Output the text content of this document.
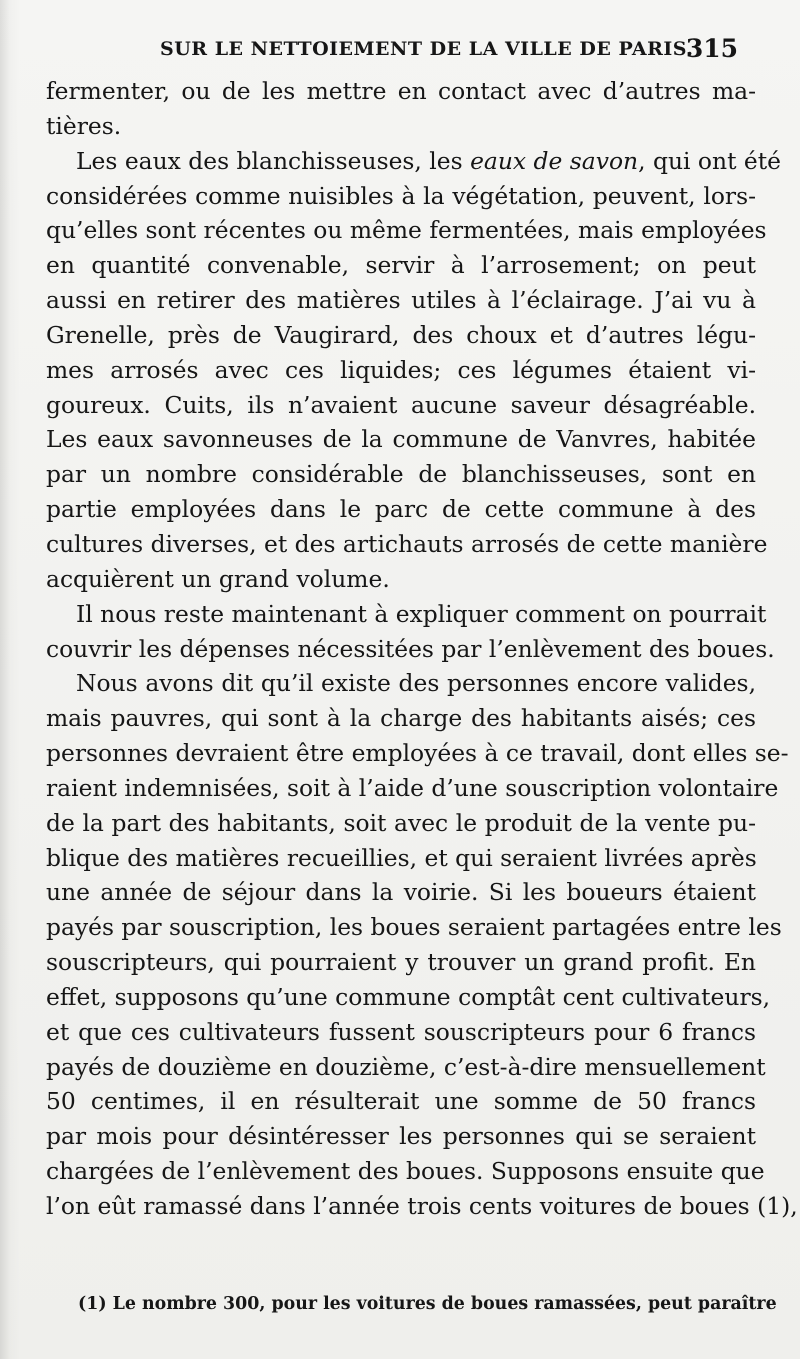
SUR LE NETTOIEMENT DE LA VILLE DE PARIS.
315
fermenter, ou de les mettre en contact avec d’autres ma-
tières.
Les eaux des blanchisseuses, les eaux de savon, qui ont été
considérées comme nuisibles à la végétation, peuvent, lors-
qu’elles sont récentes ou même fermentées, mais employées
en quantité convenable, servir à l’arrosement; on peut
aussi en retirer des matières utiles à l’éclairage. J’ai vu à
Grenelle, près de Vaugirard, des choux et d’autres légu-
mes arrosés avec ces liquides; ces légumes étaient vi-
goureux. Cuits, ils n’avaient aucune saveur désagréable.
Les eaux savonneuses de la commune de Vanvres, habitée
par un nombre considérable de blanchisseuses, sont en
partie employées dans le parc de cette commune à des
cultures diverses, et des artichauts arrosés de cette manière
acquièrent un grand volume.
Il nous reste maintenant à expliquer comment on pourrait
couvrir les dépenses nécessitées par l’enlèvement des boues.
Nous avons dit qu’il existe des personnes encore valides,
mais pauvres, qui sont à la charge des habitants aisés; ces
personnes devraient être employées à ce travail, dont elles se-
raient indemnisées, soit à l’aide d’une souscription volontaire
de la part des habitants, soit avec le produit de la vente pu-
blique des matières recueillies, et qui seraient livrées après
une année de séjour dans la voirie. Si les boueurs étaient
payés par souscription, les boues seraient partagées entre les
souscripteurs, qui pourraient y trouver un grand profit. En
effet, supposons qu’une commune comptât cent cultivateurs,
et que ces cultivateurs fussent souscripteurs pour 6 francs
payés de douzième en douzième, c’est-à-dire mensuellement
50 centimes, il en résulterait une somme de 50 francs
par mois pour désintéresser les personnes qui se seraient
chargées de l’enlèvement des boues. Supposons ensuite que
l’on eût ramassé dans l’année trois cents voitures de boues (1),
(1) Le nombre 300, pour les voitures de boues ramassées, peut paraître
